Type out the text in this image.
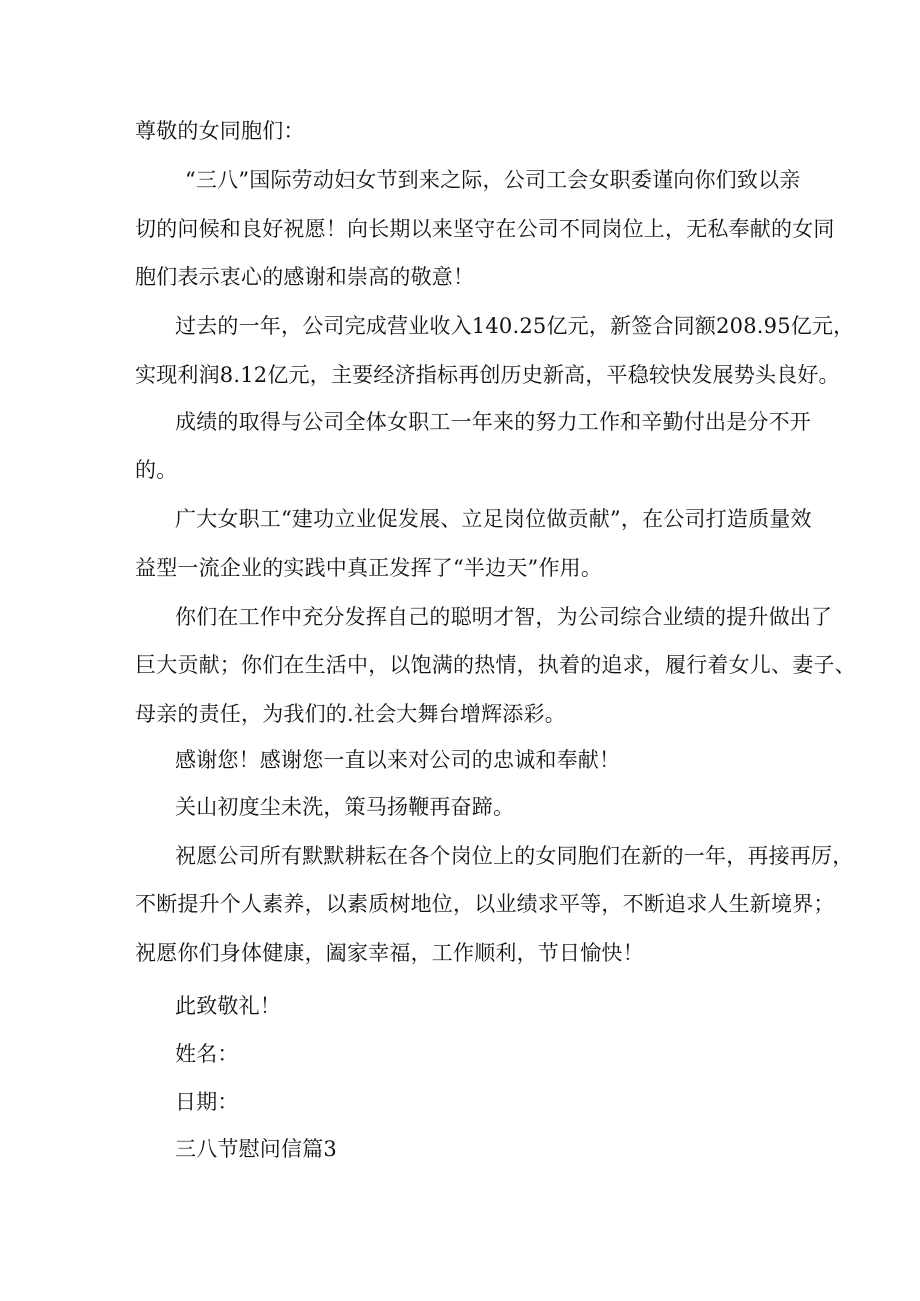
尊敬的女同胞们：
“三八”国际劳动妇女节到来之际，公司工会女职委谨向你们致以亲
切的问候和良好祝愿！向长期以来坚守在公司不同岗位上，无私奉献的女同
胞们表示衷心的感谢和崇高的敬意！
过去的一年，公司完成营业收入140.25亿元，新签合同额208.95亿元，
实现利润8.12亿元，主要经济指标再创历史新高，平稳较快发展势头良好。
成绩的取得与公司全体女职工一年来的努力工作和辛勤付出是分不开
的。
广大女职工“建功立业促发展、立足岗位做贡献”，在公司打造质量效
益型一流企业的实践中真正发挥了“半边天”作用。
你们在工作中充分发挥自己的聪明才智，为公司综合业绩的提升做出了
巨大贡献；你们在生活中，以饱满的热情，执着的追求，履行着女儿、妻子、
母亲的责任，为我们的.社会大舞台增辉添彩。
感谢您！感谢您一直以来对公司的忠诚和奉献！
关山初度尘未洗，策马扬鞭再奋蹄。
祝愿公司所有默默耕耘在各个岗位上的女同胞们在新的一年，再接再厉，
不断提升个人素养，以素质树地位，以业绩求平等，不断追求人生新境界；
祝愿你们身体健康，阖家幸福，工作顺利，节日愉快！
此致敬礼！
姓名：
日期：
三八节慰问信篇3
